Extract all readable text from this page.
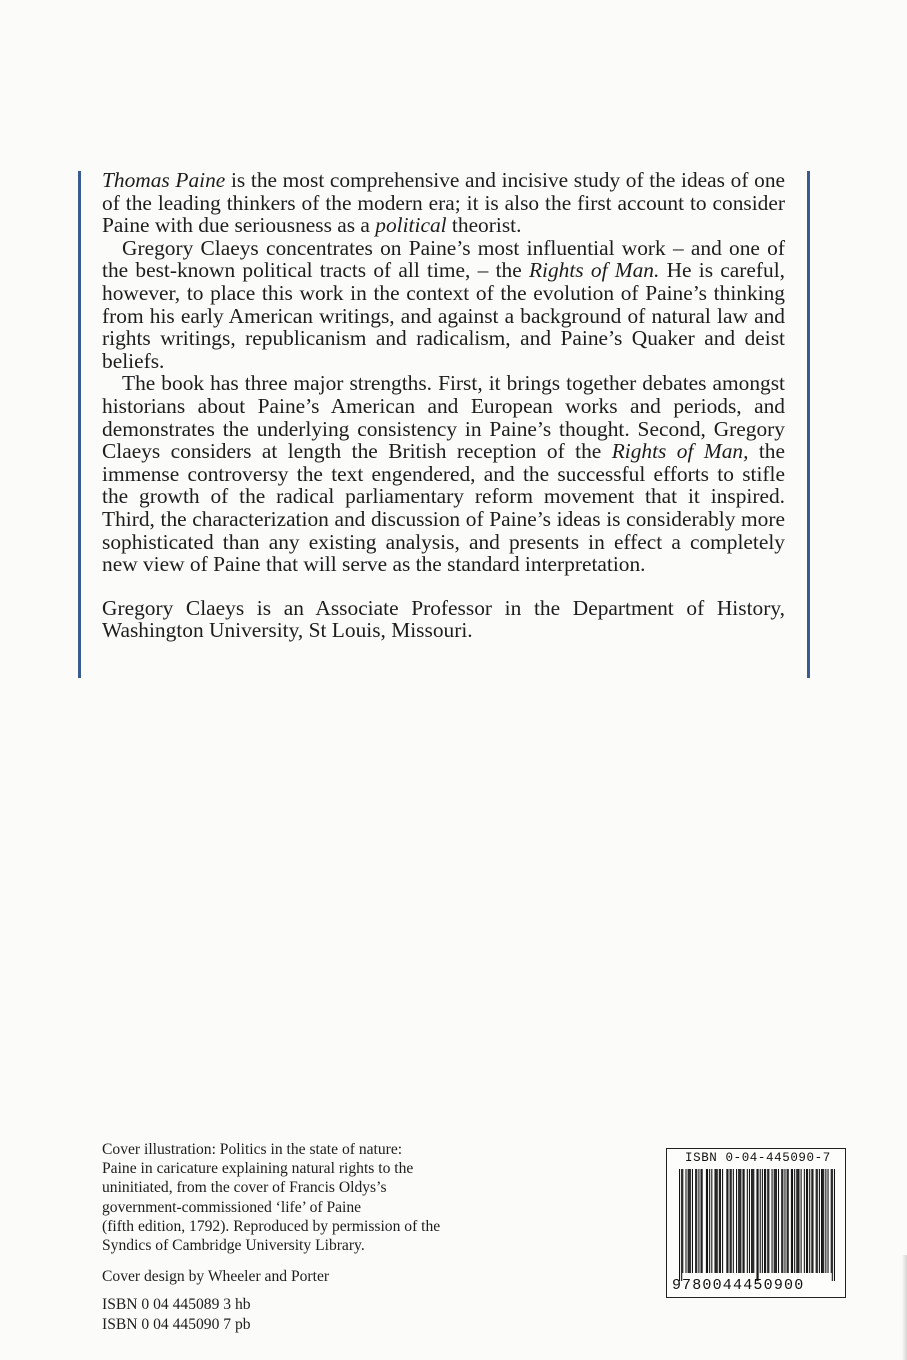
Thomas Paine is the most comprehensive and incisive study of the ideas of one of the leading thinkers of the modern era; it is also the first account to consider Paine with due seriousness as a political theorist.

Gregory Claeys concentrates on Paine’s most influential work – and one of the best-known political tracts of all time, – the Rights of Man. He is careful, however, to place this work in the context of the evolution of Paine’s thinking from his early American writings, and against a background of natural law and rights writings, republicanism and radicalism, and Paine’s Quaker and deist beliefs.

The book has three major strengths. First, it brings together debates amongst historians about Paine’s American and European works and periods, and demonstrates the underlying consistency in Paine’s thought. Second, Gregory Claeys considers at length the British reception of the Rights of Man, the immense controversy the text engendered, and the successful efforts to stifle the growth of the radical parliamentary reform movement that it inspired. Third, the characterization and discussion of Paine’s ideas is considerably more sophisticated than any existing analysis, and presents in effect a completely new view of Paine that will serve as the standard interpretation.

Gregory Claeys is an Associate Professor in the Department of History, Washington University, St Louis, Missouri.

Cover illustration: Politics in the state of nature:
Paine in caricature explaining natural rights to the
uninitiated, from the cover of Francis Oldys’s
government-commissioned ‘life’ of Paine
(fifth edition, 1792). Reproduced by permission of the
Syndics of Cambridge University Library.

Cover design by Wheeler and Porter

ISBN 0 04 445089 3 hb
ISBN 0 04 445090 7 pb

ISBN 0-04-445090-7
9780044450900
